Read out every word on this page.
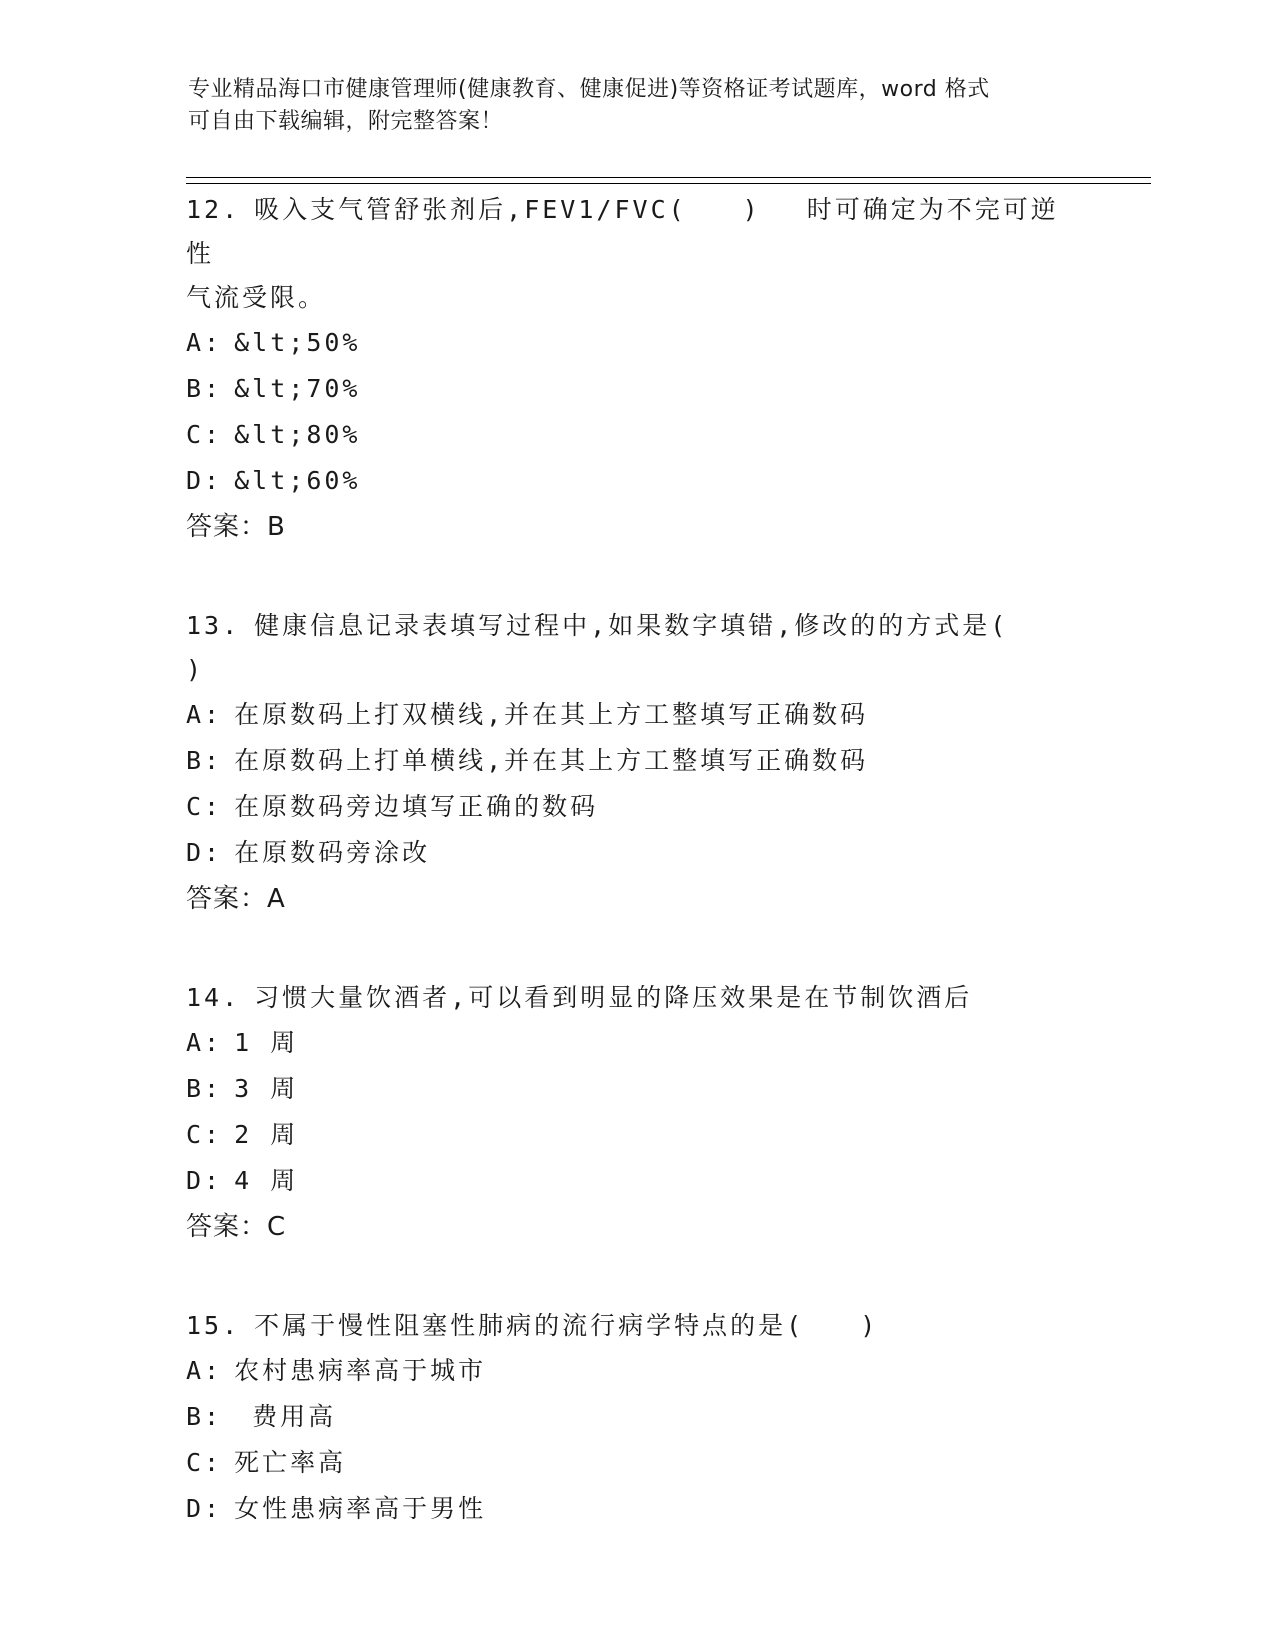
专业精品海口市健康管理师(健康教育、健康促进)等资格证考试题库，word 格式
可自由下载编辑，附完整答案！

12. 吸入支气管舒张剂后,FEV1/FVC(　　)　 时可确定为不完可逆性

气流受限。

A: &lt;50%

B: &lt;70%

C: &lt;80%

D: &lt;60%

答案：B

13. 健康信息记录表填写过程中,如果数字填错,修改的的方式是(

)

A: 在原数码上打双横线,并在其上方工整填写正确数码

B: 在原数码上打单横线,并在其上方工整填写正确数码

C: 在原数码旁边填写正确的数码

D: 在原数码旁涂改

答案：A

14. 习惯大量饮酒者,可以看到明显的降压效果是在节制饮酒后

A: 1 周

B: 3 周

C: 2 周

D: 4 周

答案：C

15. 不属于慢性阻塞性肺病的流行病学特点的是(　　)

A: 农村患病率高于城市

B: 费用高

C: 死亡率高

D: 女性患病率高于男性
